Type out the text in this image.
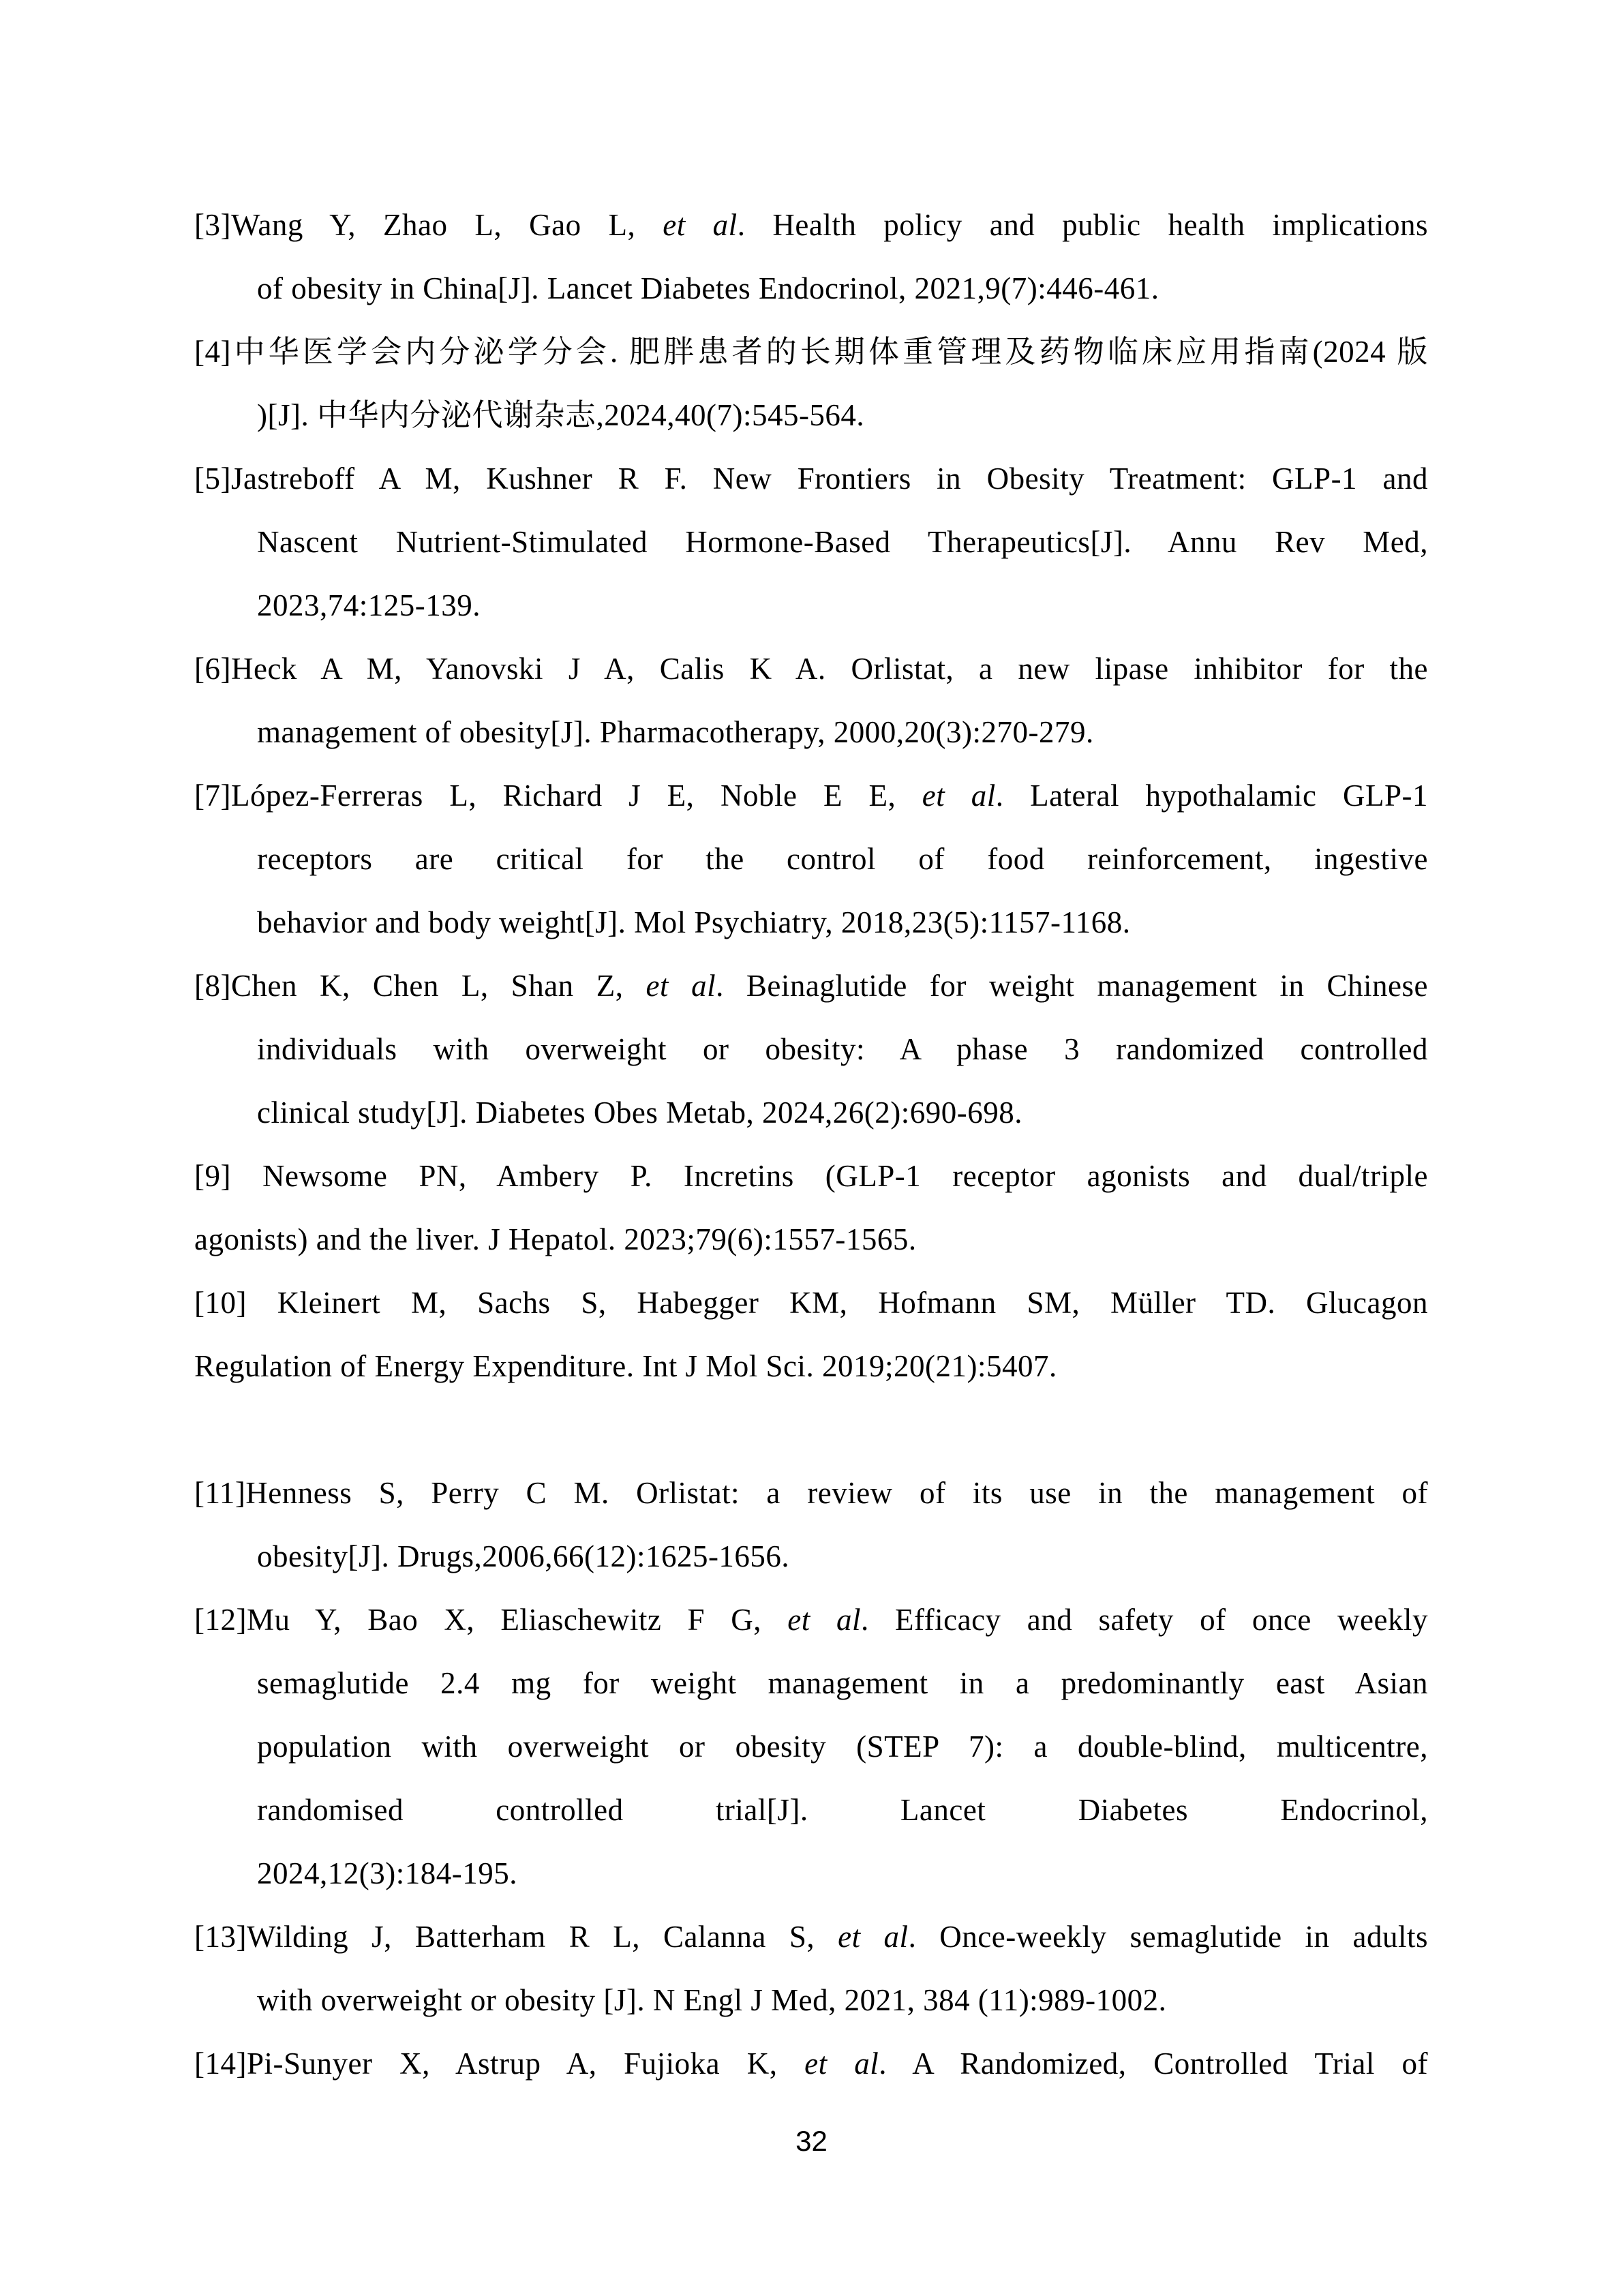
[3]Wang Y, Zhao L, Gao L, et al. Health policy and public health implications
of obesity in China[J]. Lancet Diabetes Endocrinol, 2021,9(7):446-461.
[4]中华医学会内分泌学分会. 肥胖患者的长期体重管理及药物临床应用指南(2024 版
)[J]. 中华内分泌代谢杂志,2024,40(7):545-564.
[5]Jastreboff A M, Kushner R F. New Frontiers in Obesity Treatment: GLP-1 and
Nascent Nutrient-Stimulated Hormone-Based Therapeutics[J]. Annu Rev Med,
2023,74:125-139.
[6]Heck A M, Yanovski J A, Calis K A. Orlistat, a new lipase inhibitor for the
management of obesity[J]. Pharmacotherapy, 2000,20(3):270-279.
[7]López-Ferreras L, Richard J E, Noble E E, et al. Lateral hypothalamic GLP-1
receptors are critical for the control of food reinforcement, ingestive
behavior and body weight[J]. Mol Psychiatry, 2018,23(5):1157-1168.
[8]Chen K, Chen L, Shan Z, et al. Beinaglutide for weight management in Chinese
individuals with overweight or obesity: A phase 3 randomized controlled
clinical study[J]. Diabetes Obes Metab, 2024,26(2):690-698.
[9] Newsome PN, Ambery P. Incretins (GLP-1 receptor agonists and dual/triple
agonists) and the liver. J Hepatol. 2023;79(6):1557-1565.
[10] Kleinert M, Sachs S, Habegger KM, Hofmann SM, Müller TD. Glucagon
Regulation of Energy Expenditure. Int J Mol Sci. 2019;20(21):5407.
[11]Henness S, Perry C M. Orlistat: a review of its use in the management of
obesity[J]. Drugs,2006,66(12):1625-1656.
[12]Mu Y, Bao X, Eliaschewitz F G, et al. Efficacy and safety of once weekly
semaglutide 2.4 mg for weight management in a predominantly east Asian
population with overweight or obesity (STEP 7): a double-blind, multicentre,
randomised controlled trial[J]. Lancet Diabetes Endocrinol,
2024,12(3):184-195.
[13]Wilding J, Batterham R L, Calanna S, et al. Once-weekly semaglutide in adults
with overweight or obesity [J]. N Engl J Med, 2021, 384 (11):989-1002.
[14]Pi-Sunyer X, Astrup A, Fujioka K, et al. A Randomized, Controlled Trial of
32
